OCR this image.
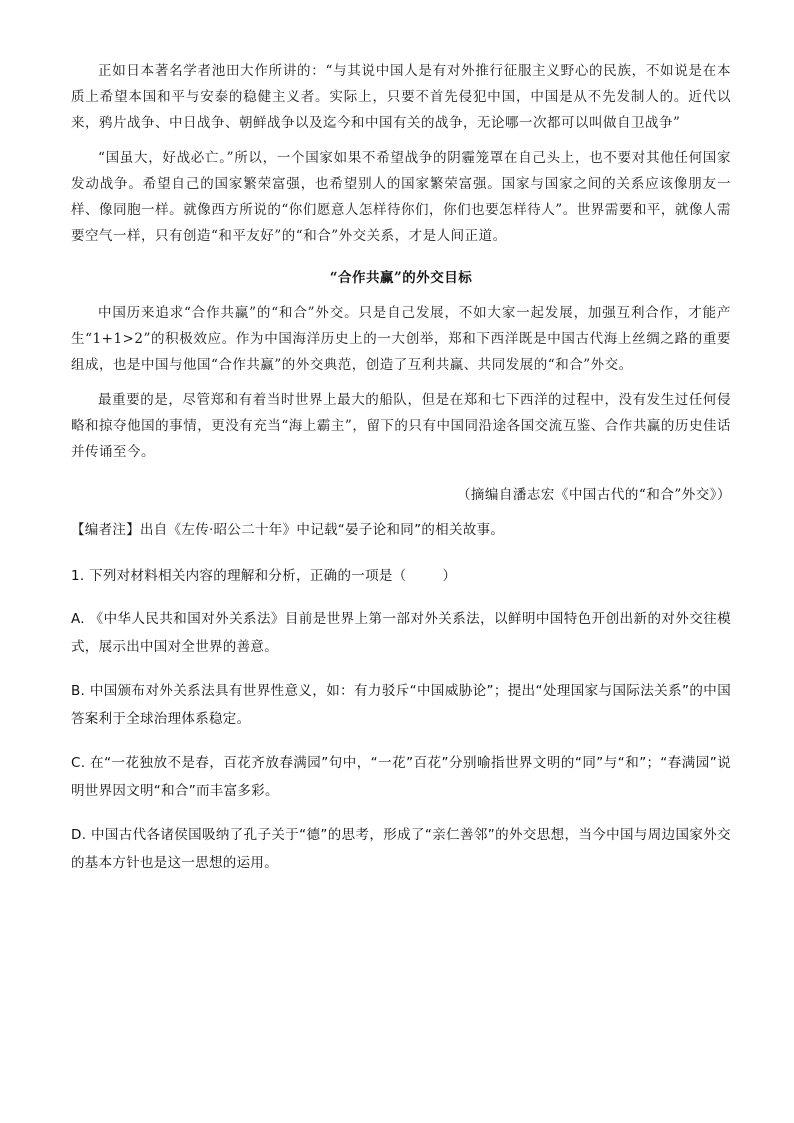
正如日本著名学者池田大作所讲的：“与其说中国人是有对外推行征服主义野心的民族，不如说是在本质上希望本国和平与安泰的稳健主义者。实际上，只要不首先侵犯中国，中国是从不先发制人的。近代以来，鸦片战争、中日战争、朝鲜战争以及迄今和中国有关的战争，无论哪一次都可以叫做自卫战争”

“国虽大，好战必亡。”所以，一个国家如果不希望战争的阴霾笼罩在自己头上，也不要对其他任何国家发动战争。希望自己的国家繁荣富强，也希望别人的国家繁荣富强。国家与国家之间的关系应该像朋友一样、像同胞一样。就像西方所说的“你们愿意人怎样待你们，你们也要怎样待人”。世界需要和平，就像人需要空气一样，只有创造“和平友好”的“和合”外交关系，才是人间正道。

“合作共赢”的外交目标

中国历来追求“合作共赢”的“和合”外交。只是自己发展，不如大家一起发展，加强互利合作，才能产生“1+1>2”的积极效应。作为中国海洋历史上的一大创举，郑和下西洋既是中国古代海上丝绸之路的重要组成，也是中国与他国“合作共赢”的外交典范，创造了互利共赢、共同发展的“和合”外交。

最重要的是，尽管郑和有着当时世界上最大的船队，但是在郑和七下西洋的过程中，没有发生过任何侵略和掠夺他国的事情，更没有充当“海上霸主”，留下的只有中国同沿途各国交流互鉴、合作共赢的历史佳话并传诵至今。

（摘编自潘志宏《中国古代的“和合”外交》）
【编者注】出自《左传·昭公二十年》中记载“晏子论和同”的相关故事。
1. 下列对材料相关内容的理解和分析，正确的一项是（	）
A. 《中华人民共和国对外关系法》目前是世界上第一部对外关系法，以鲜明中国特色开创出新的对外交往模式，展示出中国对全世界的善意。
B. 中国颁布对外关系法具有世界性意义，如：有力驳斥“中国威胁论”；提出“处理国家与国际法关系”的中国答案利于全球治理体系稳定。
C. 在“一花独放不是春，百花齐放春满园”句中，“一花”百花”分别喻指世界文明的“同”与“和”；“春满园”说明世界因文明“和合”而丰富多彩。
D. 中国古代各诸侯国吸纳了孔子关于“德”的思考，形成了“亲仁善邻”的外交思想，当今中国与周边国家外交的基本方针也是这一思想的运用。
